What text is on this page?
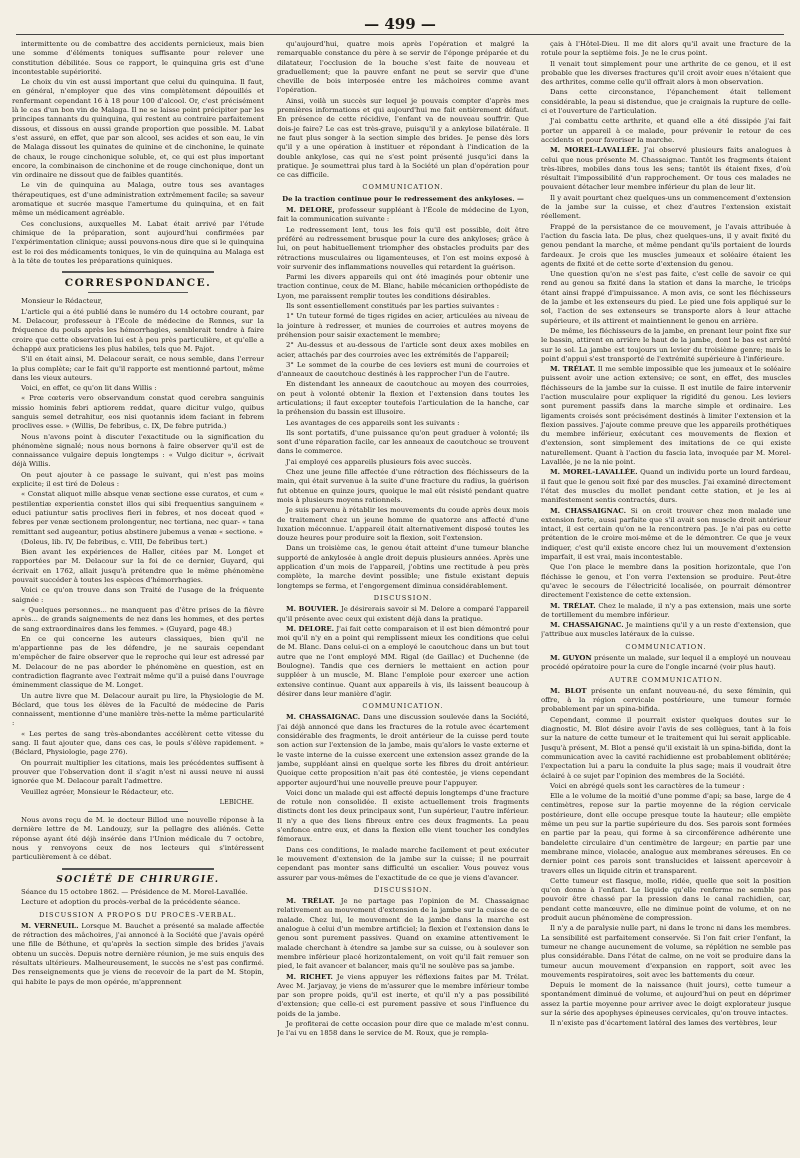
— 499 —

intermittente ou de combattre des accidents pernicieux, mais bien une somme d'éléments toniques suffisante pour relever une constitution débilitée. Sous ce rapport, le quinquina gris est d'une incontestable supériorité.

Le choix du vin est aussi important que celui du quinquina. Il faut, en général, n'employer que des vins complètement dépouillés et renfermant cependant 16 à 18 pour 100 d'alcool. Or, c'est précisément là le cas d'un bon vin de Malaga. Il ne se laisse point précipiter par les principes tannants du quinquina, qui restent au contraire parfaitement dissous, et dissous en aussi grande proportion que possible. M. Labat s'est assuré, en effet, que par son alcool, ses acides et son eau, le vin de Malaga dissout les quinates de quinine et de cinchonine, le quinate de chaux, le rouge cinchonique soluble, et, ce qui est plus important encore, la combinaison de cinchonine et de rouge cinchonique, dont un vin ordinaire ne dissout que de faibles quantités.

Le vin de quinquina au Malaga, outre tous ses avantages thérapeutiques, est d'une administration extrêmement facile; sa saveur aromatique et sucrée masque l'amertume du quinquina, et en fait même un médicament agréable.

Ces conclusions, auxquelles M. Labat était arrivé par l'étude chimique de la préparation, sont aujourd'hui confirmées par l'expérimentation clinique; aussi pouvons-nous dire que si le quinquina est le roi des médicaments toniques, le vin de quinquina au Malaga est à la tête de toutes les préparations quiniques.

CORRESPONDANCE.

Monsieur le Rédacteur,

L'article qui a été publié dans le numéro du 14 octobre courant, par M. Delacour, professeur à l'École de médecine de Rennes, sur la fréquence du pouls après les hémorrhagies, semblerait tendre à faire croire que cette observation lui est à peu près particulière, et qu'elle a échappé aux praticiens les plus habiles, tels que M. Pajot.

S'il en était ainsi, M. Delacour serait, ce nous semble, dans l'erreur la plus complète; car le fait qu'il rapporte est mentionné partout, même dans les vieux auteurs.

Voici, en effet, ce qu'on lit dans Willis :

« Prœ cœteris vero observandum constat quod cerebra sanguinis missio hominis febri aptiorem reddat, quare dicitur vulgo, quibus sanguis semel detrahitur, eos nisi quotannis idem faciant in febrem proclives esse. » (Willis, De febribus, c. IX, De febre putrida.)

Nous n'avons point à discuter l'exactitude ou la signification du phénomène signalé; nous nous bornons à faire observer qu'il est de connaissance vulgaire depuis longtemps : « Vulgo dicitur », écrivait déjà Willis.

On peut ajouter à ce passage le suivant, qui n'est pas moins explicite; il est tiré de Doleus :

« Constat aliquot mille absque venæ sectione esse curatos, et cum « pestilentiæ experientia constet illos qui sibi frequentius sanguinem « educi patiuntur satis proclives fieri in febres, et nos doceat quod « febres per venæ sectionem prolongentur, nec tertiana, nec quar- « tana remittant sed augeantur, potius abstinere jubemus a venæ « sectione. »

(Doleus, lib. IV, De febribus, c. VIII, De febribus tert.)

Bien avant les expériences de Haller, citées par M. Longet et rapportées par M. Delacour sur la foi de ce dernier, Guyard, qui écrivait en 1762, allait jusqu'à prétendre que le même phénomène pouvait succéder à toutes les espèces d'hémorrhagies.

Voici ce qu'on trouve dans son Traité de l'usage de la fréquente saignée :

« Quelques personnes... ne manquent pas d'être prises de la fièvre après... de grands saignements de nez dans les hommes, et des pertes de sang extraordinaires dans les femmes. » (Guyard, page 48.)

En ce qui concerne les auteurs classiques, bien qu'il ne m'appartienne pas de les défendre, je ne saurais cependant m'empêcher de faire observer que le reproche qui leur est adressé par M. Delacour de ne pas aborder le phénomène en question, est en contradiction flagrante avec l'extrait même qu'il a puisé dans l'ouvrage éminemment classique de M. Longet.

Un autre livre que M. Delacour aurait pu lire, la Physiologie de M. Béclard, que tous les élèves de la Faculté de médecine de Paris connaissent, mentionne d'une manière très-nette la même particularité :

« Les pertes de sang très-abondantes accélèrent cette vitesse du sang. Il faut ajouter que, dans ces cas, le pouls s'élève rapidement. » (Béclard, Physiologie, page 276).

On pourrait multiplier les citations, mais les précédentes suffisent à prouver que l'observation dont il s'agit n'est ni aussi neuve ni aussi ignorée que M. Delacour paraît l'admettre.

Veuillez agréer, Monsieur le Rédacteur, etc.

LEBICHE.

Nous avons reçu de M. le docteur Billod une nouvelle réponse à la dernière lettre de M. Landouzy, sur la pellagre des aliénés. Cette réponse ayant été déjà insérée dans l'Union médicale du 7 octobre, nous y renvoyons ceux de nos lecteurs qui s'intéressent particulièrement à ce débat.

SOCIÉTÉ DE CHIRURGIE.

Séance du 15 octobre 1862. — Présidence de M. Morel-Lavallée.

Lecture et adoption du procès-verbal de la précédente séance.

DISCUSSION A PROPOS DU PROCÈS-VERBAL.

M. VERNEUIL. Lorsque M. Bauchet a présenté sa malade affectée de rétraction des mâchoires, j'ai annoncé à la Société que j'avais opéré une fille de Béthune, et qu'après la section simple des brides j'avais obtenu un succès. Depuis notre dernière réunion, je me suis enquis des résultats ultérieurs. Malheureusement, le succès ne s'est pas confirmé. Des renseignements que je viens de recevoir de la part de M. Stopin, qui habite le pays de mon opérée, m'apprennent

qu'aujourd'hui, quatre mois après l'opération et malgré la remarquable constance du père à se servir de l'éponge préparée et du dilatateur, l'occlusion de la bouche s'est faite de nouveau et graduellement; que la pauvre enfant ne peut se servir que d'une cheville de bois interposée entre les mâchoires comme avant l'opération.

Ainsi, voilà un succès sur lequel je pouvais compter d'après mes premières informations et qui aujourd'hui me fait entièrement défaut. En présence de cette récidive, l'enfant va de nouveau souffrir. Que dois-je faire? Le cas est très-grave, puisqu'il y a ankylose bilatérale. Il ne faut plus songer à la section simple des brides. Je pense dès lors qu'il y a une opération à instituer et répondant à l'indication de la double ankylose, cas qui ne s'est point présenté jusqu'ici dans la pratique. Je soumettrai plus tard à la Société un plan d'opération pour ce cas difficile.

COMMUNICATION.
De la traction continue pour le redressement des ankyloses. —

M. DELORE, professeur suppléant à l'École de médecine de Lyon, fait la communication suivante :

Le redressement lent, tous les fois qu'il est possible, doit être préféré au redressement brusque pour la cure des ankyloses; grâce à lui, on peut habituellement triompher des obstacles produits par des rétractions musculaires ou ligamenteuses, et l'on est moins exposé à voir survenir des inflammations nouvelles qui retardent la guérison.

Parmi les divers appareils qui ont été imaginés pour obtenir une traction continue, ceux de M. Blanc, habile mécanicien orthopédiste de Lyon, me paraissent remplir toutes les conditions désirables.

Ils sont essentiellement constitués par les parties suivantes :

1° Un tuteur formé de tiges rigides en acier, articulées au niveau de la jointure à redresser, et munies de courroies et autres moyens de préhension pour saisir exactement le membre;

2° Au-dessus et au-dessous de l'article sont deux axes mobiles en acier, attachés par des courroies avec les extrémités de l'appareil;

3° Le sommet de la courbe de ces leviers est muni de courroies et d'anneaux de caoutchouc destinés à les rapprocher l'un de l'autre.

En distendant les anneaux de caoutchouc au moyen des courroies, on peut à volonté obtenir la flexion et l'extension dans toutes les articulations; il faut excepter toutefois l'articulation de la hanche, car la préhension du bassin est illusoire.

Les avantages de ces appareils sont les suivants :

Ils sont portatifs, d'une puissance qu'on peut graduer à volonté; ils sont d'une réparation facile, car les anneaux de caoutchouc se trouvent dans le commerce.

J'ai employé ces appareils plusieurs fois avec succès.

Chez une jeune fille affectée d'une rétraction des fléchisseurs de la main, qui était survenue à la suite d'une fracture du radius, la guérison fut obtenue en quinze jours, quoique le mal eût résisté pendant quatre mois à plusieurs moyens rationnels.

Je suis parvenu à rétablir les mouvements du coude après deux mois de traitement chez un jeune homme de quatorze ans affecté d'une luxation méconnue. L'appareil était alternativement disposé toutes les douze heures pour produire soit la flexion, soit l'extension.

Dans un troisième cas, le genou était atteint d'une tumeur blanche supporté de ankylosée à angle droit depuis plusieurs années. Après une application d'un mois de l'appareil, j'obtins une rectitude à peu près complète, la marche devint possible; une fistule existant depuis longtemps se ferma, et l'engorgement diminua considérablement.

DISCUSSION.

M. BOUVIER. Je désirerais savoir si M. Delore a comparé l'appareil qu'il présente avec ceux qui existent déjà dans la pratique.

M. DELORE. J'ai fait cette comparaison et il est bien démontré pour moi qu'il n'y en a point qui remplissent mieux les conditions que celui de M. Blanc. Dans celui-ci on a employé le caoutchouc dans un but tout autre que ne l'ont employé MM. Rigal (de Gaillac) et Duchenne (de Boulogne). Tandis que ces derniers le mettaient en action pour suppléer à un muscle, M. Blanc l'emploie pour exercer une action extensive continue. Quant aux appareils à vis, ils laissent beaucoup à désirer dans leur manière d'agir.

COMMUNICATION.

M. CHASSAIGNAC. Dans une discussion soulevée dans la Société, j'ai déjà annoncé que dans les fractures de la rotule avec écartement considérable des fragments, le droit antérieur de la cuisse perd toute son action sur l'extension de la jambe, mais qu'alors le vaste externe et le vaste interne de la cuisse exercent une extension assez grande de la jambe, suppléant ainsi en quelque sorte les fibres du droit antérieur. Quoique cette proposition n'ait pas été contestée, je viens cependant apporter aujourd'hui une nouvelle preuve pour l'appuyer.

Voici donc un malade qui est affecté depuis longtemps d'une fracture de rotule non consolidée. Il existe actuellement trois fragments distincts dont les deux principaux sont, l'un supérieur, l'autre inférieur. Il n'y a que des liens fibreux entre ces deux fragments. La peau s'enfonce entre eux, et dans la flexion elle vient toucher les condyles fémoraux.

Dans ces conditions, le malade marche facilement et peut exécuter le mouvement d'extension de la jambe sur la cuisse; il ne pourrait cependant pas monter sans difficulté un escalier. Vous pouvez vous assurer par vous-mêmes de l'exactitude de ce que je viens d'avancer.

DISCUSSION.

M. TRÉLAT. Je ne partage pas l'opinion de M. Chassaignac relativement au mouvement d'extension de la jambe sur la cuisse de ce malade. Chez lui, le mouvement de la jambe dans la marche est analogue à celui d'un membre artificiel; la flexion et l'extension dans le genou sont purement passives. Quand on examine attentivement le malade cherchant à étendre sa jambe sur sa cuisse, ou à soulever son membre inférieur placé horizontalement, on voit qu'il fait remuer son pied, le fait avancer et balancer, mais qu'il ne soulève pas sa jambe.

M. RICHET. Je viens appuyer les réflexions faites par M. Trélat. Avec M. Jarjavay, je viens de m'assurer que le membre inférieur tombe par son propre poids, qu'il est inerte, et qu'il n'y a pas possibilité d'extension; que celle-ci est purement passive et sous l'influence du poids de la jambe.

Je profiterai de cette occasion pour dire que ce malade m'est connu. Je l'ai vu en 1858 dans le service de M. Roux, que je rempla-

çais à l'Hôtel-Dieu. Il me dit alors qu'il avait une fracture de la rotule pour la septième fois. Je ne le crus point.

Il venait tout simplement pour une arthrite de ce genou, et il est probable que les diverses fractures qu'il croit avoir eues n'étaient que des arthrites, comme celle qu'il offrait alors à mon observation.

Dans cette circonstance, l'épanchement était tellement considérable, la peau si distendue, que je craignais la rupture de celle-ci et l'ouverture de l'articulation.

J'ai combattu cette arthrite, et quand elle a été dissipée j'ai fait porter un appareil à ce malade, pour prévenir le retour de ces accidents et pour favoriser la marche.

M. MOREL-LAVALLÉE. J'ai observé plusieurs faits analogues à celui que nous présente M. Chassaignac. Tantôt les fragments étaient très-libres, mobiles dans tous les sens; tantôt ils étaient fixes, d'où résultait l'impossibilité d'un rapprochement. Or tous ces malades ne pouvaient détacher leur membre inférieur du plan de leur lit.

Il y avait pourtant chez quelques-uns un commencement d'extension de la jambe sur la cuisse, et chez d'autres l'extension existait réellement.

Frappé de la persistance de ce mouvement, je l'avais attribuée à l'action du fascia lata. De plus, chez quelques-uns, il y avait fixité du genou pendant la marche, et même pendant qu'ils portaient de lourds fardeaux. Je crois que les muscles jumeaux et soléaire étaient les agents de fixité et de cette sorte d'extension du genou.

Une question qu'on ne s'est pas faite, c'est celle de savoir ce qui rend au genou sa fixité dans la station et dans la marche, le tricéps étant ainsi frappé d'impuissance. A mon avis, ce sont les fléchisseurs de la jambe et les extenseurs du pied. Le pied une fois appliqué sur le sol, l'action de ses extenseurs se transporte alors à leur attache supérieure, et ils attirent et maintiennent le genou en arrière.

De même, les fléchisseurs de la jambe, en prenant leur point fixe sur le bassin, attirent en arrière le haut de la jambe, dont le bas est arrêté sur le sol. La jambe est toujours un levier du troisième genre; mais le point d'appui s'est transporté de l'extrémité supérieure à l'inférieure.

M. TRÉLAT. Il me semble impossible que les jumeaux et le soléaire puissent avoir une action extensive; ce sont, en effet, des muscles fléchisseurs de la jambe sur la cuisse. Il est inutile de faire intervenir l'action musculaire pour expliquer la rigidité du genou. Les leviers sont purement passifs dans la marche simple et ordinaire. Les ligaments croisés sont précisément destinés à limiter l'extension et la flexion passives. J'ajoute comme preuve que les appareils prothétiques du membre inférieur, exécutant ces mouvements de flexion et d'extension, sont simplement des imitations de ce qui existe naturellement. Quant à l'action du fascia lata, invoquée par M. Morel-Lavallée, je ne la nie point.

M. MOREL-LAVALLÉE. Quand un individu porte un lourd fardeau, il faut que le genou soit fixé par des muscles. J'ai examiné directement l'état des muscles du mollet pendant cette station, et je les ai manifestement sentis contractés, durs.

M. CHASSAIGNAC. Si on croit trouver chez mon malade une extension forte, aussi parfaite que s'il avait son muscle droit antérieur intact, il est certain qu'on ne la rencontrera pas. Je n'ai pas eu cette prétention de le croire moi-même et de le démontrer. Ce que je veux indiquer, c'est qu'il existe encore chez lui un mouvement d'extension imparfait, il est vrai, mais incontestable.

Que l'on place le membre dans la position horizontale, que l'on fléchisse le genou, et l'on verra l'extension se produire. Peut-être qu'avec le secours de l'électricité localisée, on pourrait démontrer directement l'existence de cette extension.

M. TRÉLAT. Chez le malade, il n'y a pas extension, mais une sorte de tortillement du membre inférieur.

M. CHASSAIGNAC. Je maintiens qu'il y a un reste d'extension, que j'attribue aux muscles latéraux de la cuisse.

COMMUNICATION.

M. GUYON présente un malade, sur lequel il a employé un nouveau procédé opératoire pour la cure de l'ongle incarné (voir plus haut).

AUTRE COMMUNICATION.

M. BLOT présente un enfant nouveau-né, du sexe féminin, qui offre, à la région cervicale postérieure, une tumeur formée probablement par un spina-bifida.

Cependant, comme il pourrait exister quelques doutes sur le diagnostic, M. Blot désire avoir l'avis de ses collègues, tant à la fois sur la nature de cette tumeur et le traitement qui lui serait applicable. Jusqu'à présent, M. Blot a pensé qu'il existait là un spina-bifida, dont la communication avec la cavité rachidienne est probablement oblitérée; l'expectation lui a paru la conduite la plus sage; mais il voudrait être éclairé à ce sujet par l'opinion des membres de la Société.

Voici en abrégé quels sont les caractères de la tumeur :

Elle a le volume de la moitié d'une pomme d'api; sa base, large de 4 centimètres, repose sur la partie moyenne de la région cervicale postérieure, dont elle occupe presque toute la hauteur; elle empiète même un peu sur la partie supérieure du dos. Ses parois sont formées en partie par la peau, qui forme à sa circonférence adhérente une bandelette circulaire d'un centimètre de largeur; en partie par une membrane mince, violacée, analogue aux membranes séreuses. En ce dernier point ces parois sont translucides et laissent apercevoir à travers elles un liquide citrin et transparent.

Cette tumeur est flasque, molle, ridée, quelle que soit la position qu'on donne à l'enfant. Le liquide qu'elle renferme ne semble pas pouvoir être chassé par la pression dans le canal rachidien, car, pendant cette manœuvre, elle ne diminue point de volume, et on ne produit aucun phénomène de compression.

Il n'y a de paralysie nulle part, ni dans le tronc ni dans les membres. La sensibilité est parfaitement conservée. Si l'on fait crier l'enfant, la tumeur ne change aucunement de volume, sa réplétion ne semble pas plus considérable. Dans l'état de calme, on ne voit se produire dans la tumeur aucun mouvement d'expansion en rapport, soit avec les mouvements respiratoires, soit avec les battements du cœur.

Depuis le moment de la naissance (huit jours), cette tumeur a spontanément diminué de volume, et aujourd'hui on peut en déprimer assez la partie moyenne pour arriver avec le doigt explorateur jusque sur la série des apophyses épineuses cervicales, qu'on trouve intactes.

Il n'existe pas d'écartement latéral des lames des vertèbres, leur
